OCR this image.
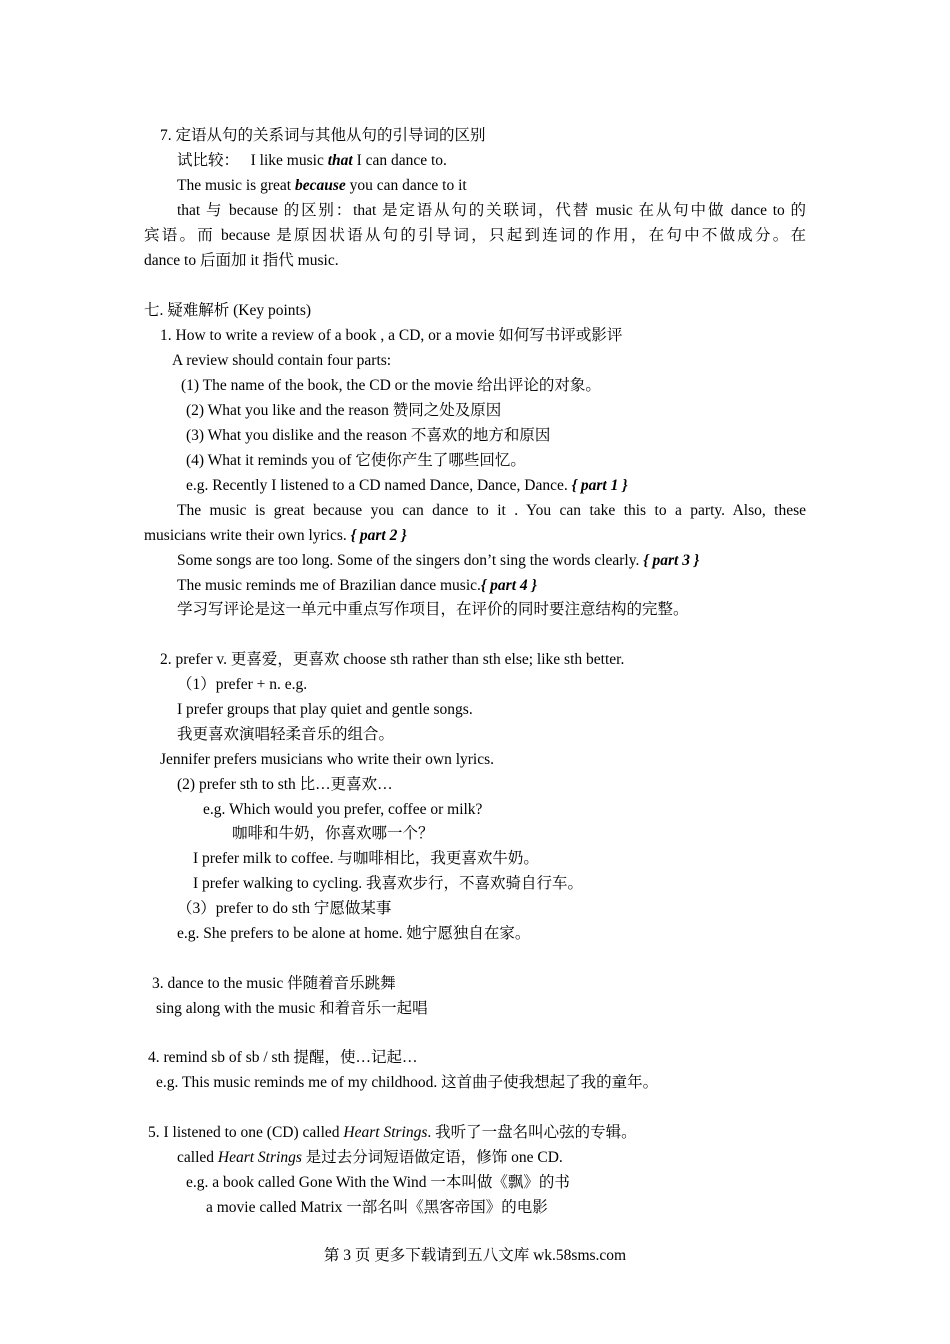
7. 定语从句的关系词与其他从句的引导词的区别
试比较： I like music that I can dance to.
The music is great because you can dance to it
that 与 because 的区别：that 是定语从句的关联词，代替 music 在从句中做 dance to 的
宾语。而 because 是原因状语从句的引导词，只起到连词的作用，在句中不做成分。在
dance to 后面加 it 指代 music.
七. 疑难解析 (Key points)
1. How to write a review of a book , a CD, or a movie 如何写书评或影评
A review should contain four parts:
(1) The name of the book, the CD or the movie 给出评论的对象。
(2) What you like and the reason 赞同之处及原因
(3) What you dislike and the reason 不喜欢的地方和原因
(4) What it reminds you of 它使你产生了哪些回忆。
e.g. Recently I listened to a CD named Dance, Dance, Dance. { part 1 }
The music is great because you can dance to it . You can take this to a party. Also, these
musicians write their own lyrics. { part 2 }
Some songs are too long. Some of the singers don’t sing the words clearly. { part 3 }
The music reminds me of Brazilian dance music.{ part 4 }
学习写评论是这一单元中重点写作项目，在评价的同时要注意结构的完整。
2. prefer v. 更喜爱，更喜欢 choose sth rather than sth else; like sth better.
（1）prefer + n. e.g.
I prefer groups that play quiet and gentle songs.
我更喜欢演唱轻柔音乐的组合。
Jennifer prefers musicians who write their own lyrics.
(2) prefer sth to sth 比…更喜欢…
e.g. Which would you prefer, coffee or milk?
咖啡和牛奶，你喜欢哪一个？
I prefer milk to coffee. 与咖啡相比，我更喜欢牛奶。
I prefer walking to cycling. 我喜欢步行，不喜欢骑自行车。
（3）prefer to do sth 宁愿做某事
e.g. She prefers to be alone at home. 她宁愿独自在家。
3. dance to the music 伴随着音乐跳舞
sing along with the music 和着音乐一起唱
4. remind sb of sb / sth 提醒，使…记起…
e.g. This music reminds me of my childhood. 这首曲子使我想起了我的童年。
5. I listened to one (CD) called Heart Strings. 我听了一盘名叫心弦的专辑。
called Heart Strings 是过去分词短语做定语，修饰 one CD.
e.g. a book called Gone With the Wind 一本叫做《飘》的书
a movie called Matrix 一部名叫《黑客帝国》的电影
第 3 页 更多下载请到五八文库 wk.58sms.com
